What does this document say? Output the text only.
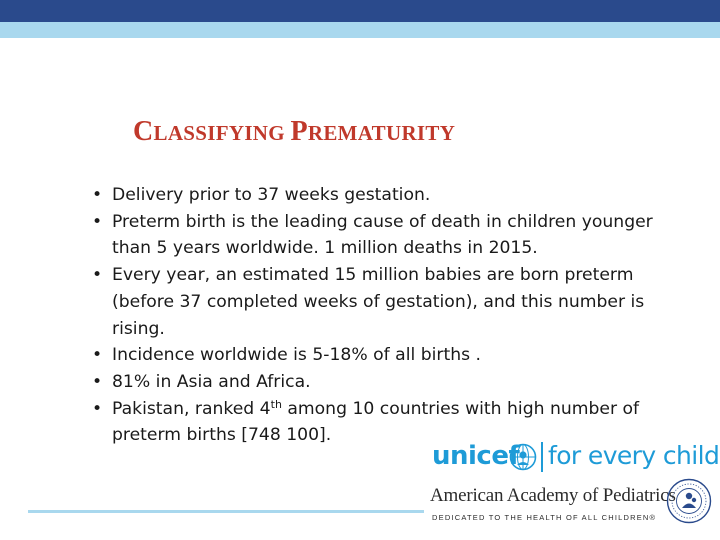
CLASSIFYING PREMATURITY
• Delivery prior to 37 weeks gestation.
• Preterm birth is the leading cause of death in children younger than 5 years worldwide. 1 million deaths in 2015.
• Every year, an estimated 15 million babies are born preterm (before 37 completed weeks of gestation), and this number is rising.
• Incidence worldwide is 5-18% of all births .
• 81% in Asia and Africa.
• Pakistan, ranked 4th among 10 countries with high number of preterm births [748 100].
unicef for every child
American Academy of Pediatrics
DEDICATED TO THE HEALTH OF ALL CHILDREN®
